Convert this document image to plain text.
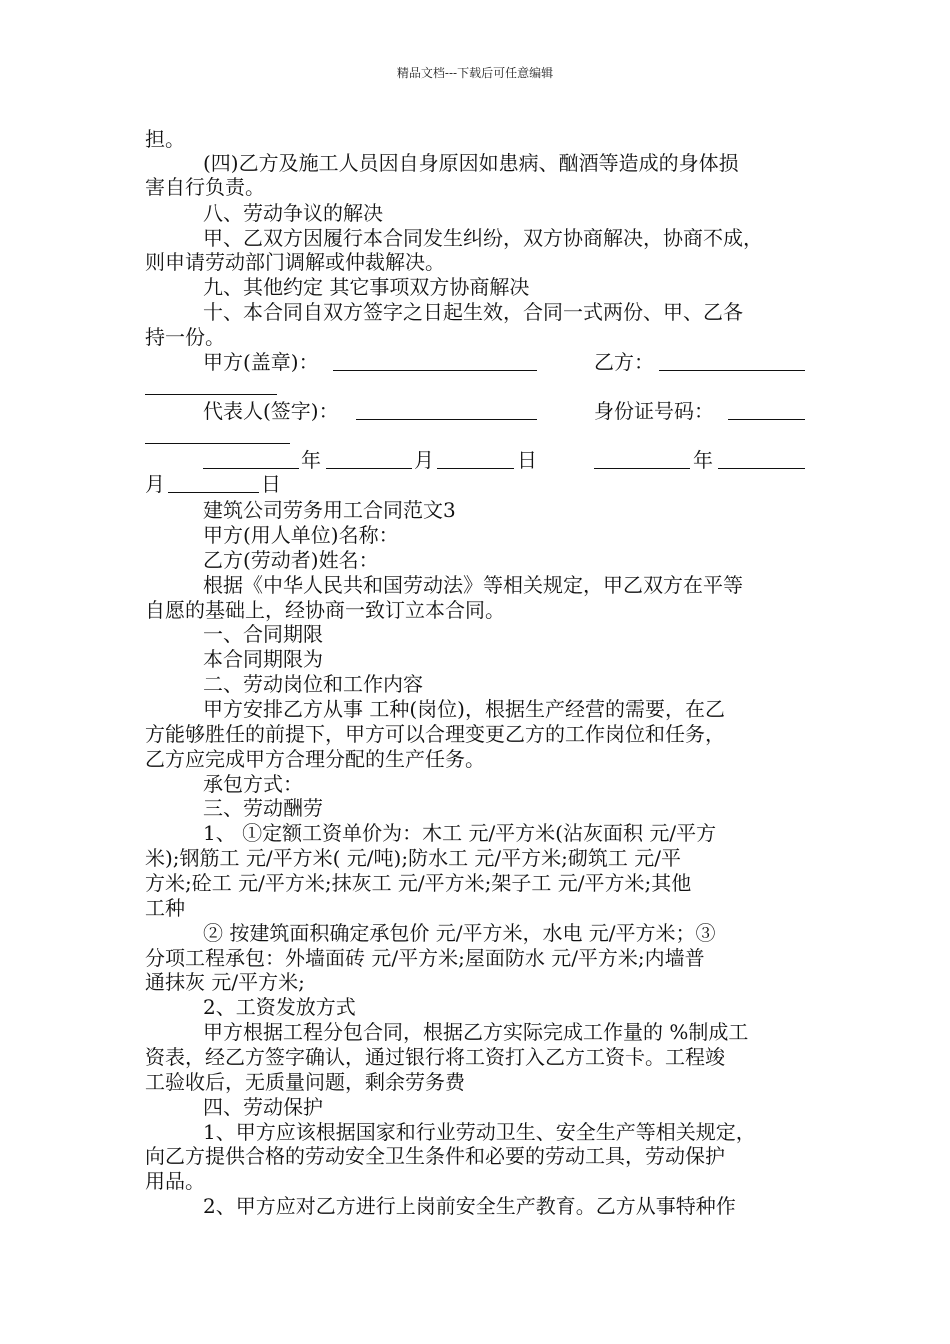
精品文档---下载后可任意编辑
担。
(四)乙方及施工人员因自身原因如患病、酗酒等造成的身体损
害自行负责。
八、劳动争议的解决
甲、乙双方因履行本合同发生纠纷，双方协商解决，协商不成，
则申请劳动部门调解或仲裁解决。
九、其他约定 其它事项双方协商解决
十、本合同自双方签字之日起生效，合同一式两份、甲、乙各
持一份。
甲方(盖章)：	乙方：
代表人(签字)：	身份证号码：
年	月	日	年
月	日
建筑公司劳务用工合同范文3
甲方(用人单位)名称：
乙方(劳动者)姓名：
根据《中华人民共和国劳动法》等相关规定，甲乙双方在平等
自愿的基础上，经协商一致订立本合同。
一、合同期限
本合同期限为
二、劳动岗位和工作内容
甲方安排乙方从事 工种(岗位)，根据生产经营的需要，在乙
方能够胜任的前提下，甲方可以合理变更乙方的工作岗位和任务，
乙方应完成甲方合理分配的生产任务。
承包方式：
三、劳动酬劳
1、 ①定额工资单价为：木工 元/平方米(沾灰面积 元/平方
米);钢筋工 元/平方米( 元/吨);防水工 元/平方米;砌筑工 元/平
方米;砼工 元/平方米;抹灰工 元/平方米;架子工 元/平方米;其他
工种
② 按建筑面积确定承包价 元/平方米，水电 元/平方米；③
分项工程承包：外墙面砖 元/平方米;屋面防水 元/平方米;内墙普
通抹灰 元/平方米;
2、工资发放方式
甲方根据工程分包合同，根据乙方实际完成工作量的 %制成工
资表，经乙方签字确认，通过银行将工资打入乙方工资卡。工程竣
工验收后，无质量问题，剩余劳务费
四、劳动保护
1、甲方应该根据国家和行业劳动卫生、安全生产等相关规定，
向乙方提供合格的劳动安全卫生条件和必要的劳动工具，劳动保护
用品。
2、甲方应对乙方进行上岗前安全生产教育。乙方从事特种作
